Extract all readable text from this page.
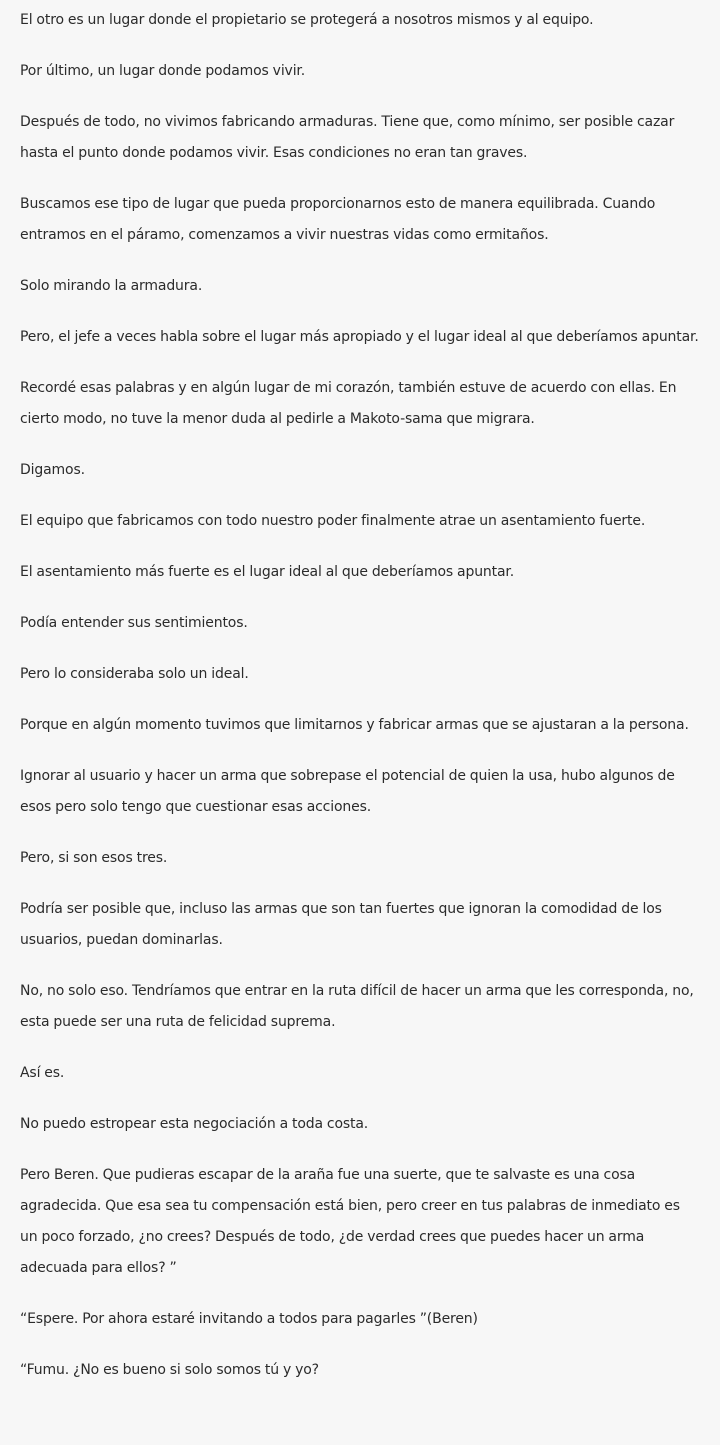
El otro es un lugar donde el propietario se protegerá a nosotros mismos y al equipo.

Por último, un lugar donde podamos vivir.

Después de todo, no vivimos fabricando armaduras. Tiene que, como mínimo, ser posible cazar hasta el punto donde podamos vivir. Esas condiciones no eran tan graves.

Buscamos ese tipo de lugar que pueda proporcionarnos esto de manera equilibrada. Cuando entramos en el páramo, comenzamos a vivir nuestras vidas como ermitaños.

Solo mirando la armadura.

Pero, el jefe a veces habla sobre el lugar más apropiado y el lugar ideal al que deberíamos apuntar.

Recordé esas palabras y en algún lugar de mi corazón, también estuve de acuerdo con ellas. En cierto modo, no tuve la menor duda al pedirle a Makoto-sama que migrara.

Digamos.

El equipo que fabricamos con todo nuestro poder finalmente atrae un asentamiento fuerte.

El asentamiento más fuerte es el lugar ideal al que deberíamos apuntar.

Podía entender sus sentimientos.

Pero lo consideraba solo un ideal.

Porque en algún momento tuvimos que limitarnos y fabricar armas que se ajustaran a la persona.

Ignorar al usuario y hacer un arma que sobrepase el potencial de quien la usa, hubo algunos de esos pero solo tengo que cuestionar esas acciones.

Pero, si son esos tres.

Podría ser posible que, incluso las armas que son tan fuertes que ignoran la comodidad de los usuarios, puedan dominarlas.

No, no solo eso. Tendríamos que entrar en la ruta difícil de hacer un arma que les corresponda, no, esta puede ser una ruta de felicidad suprema.

Así es.

No puedo estropear esta negociación a toda costa.

Pero Beren. Que pudieras escapar de la araña fue una suerte, que te salvaste es una cosa agradecida. Que esa sea tu compensación está bien, pero creer en tus palabras de inmediato es un poco forzado, ¿no crees? Después de todo, ¿de verdad crees que puedes hacer un arma adecuada para ellos? ”

“Espere. Por ahora estaré invitando a todos para pagarles ”(Beren)

“Fumu. ¿No es bueno si solo somos tú y yo?
